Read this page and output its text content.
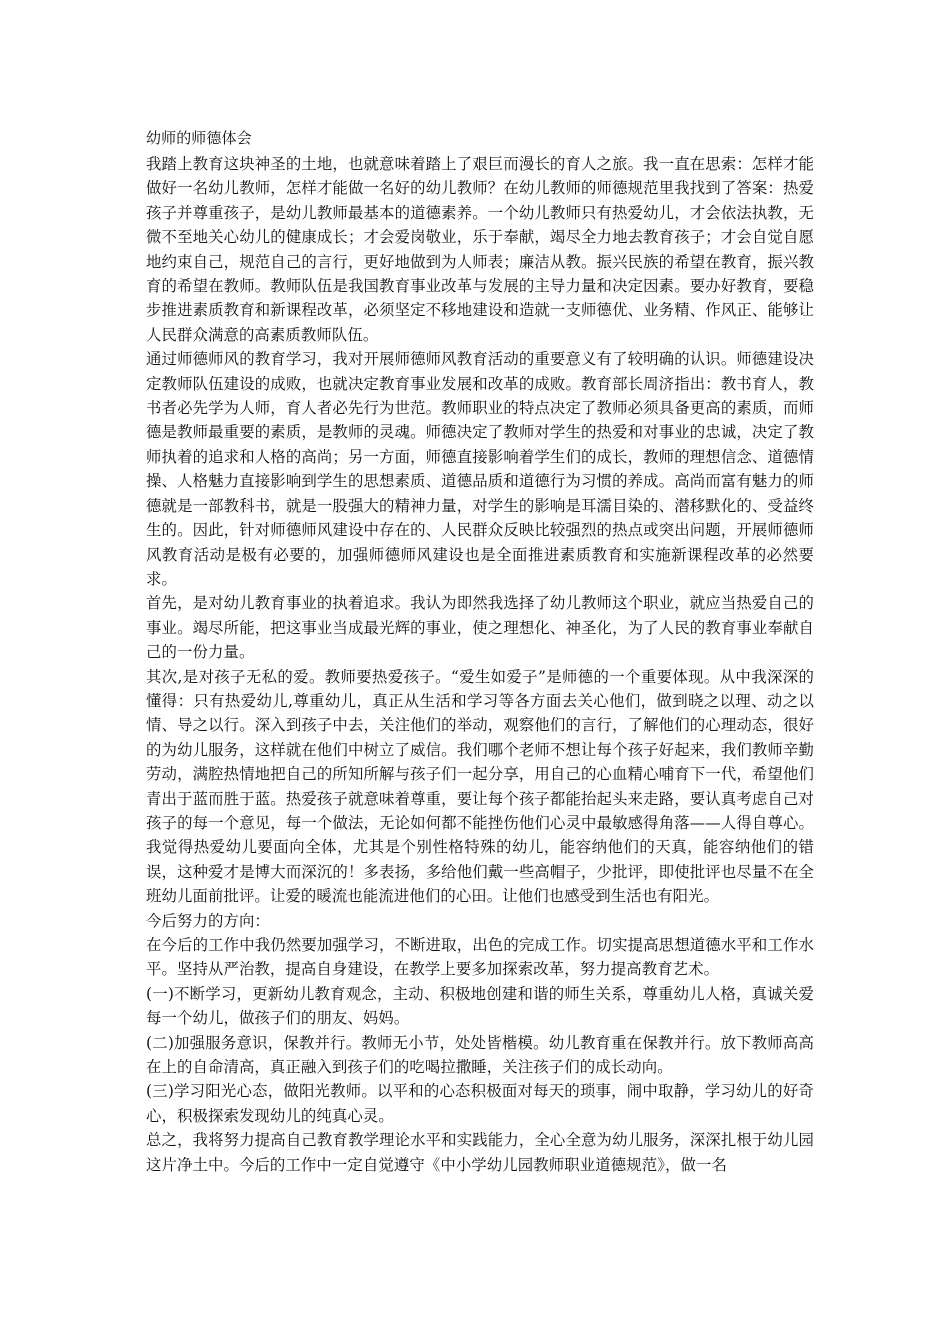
幼师的师德体会

我踏上教育这块神圣的土地，也就意味着踏上了艰巨而漫长的育人之旅。我一直在思索：怎样才能做好一名幼儿教师，怎样才能做一名好的幼儿教师？在幼儿教师的师德规范里我找到了答案：热爱孩子并尊重孩子，是幼儿教师最基本的道德素养。一个幼儿教师只有热爱幼儿，才会依法执教，无微不至地关心幼儿的健康成长；才会爱岗敬业，乐于奉献，竭尽全力地去教育孩子；才会自觉自愿地约束自己，规范自己的言行，更好地做到为人师表；廉洁从教。振兴民族的希望在教育，振兴教育的希望在教师。教师队伍是我国教育事业改革与发展的主导力量和决定因素。要办好教育，要稳步推进素质教育和新课程改革，必须坚定不移地建设和造就一支师德优、业务精、作风正、能够让人民群众满意的高素质教师队伍。

通过师德师风的教育学习，我对开展师德师风教育活动的重要意义有了较明确的认识。师德建设决定教师队伍建设的成败，也就决定教育事业发展和改革的成败。教育部长周济指出：教书育人，教书者必先学为人师，育人者必先行为世范。教师职业的特点决定了教师必须具备更高的素质，而师德是教师最重要的素质，是教师的灵魂。师德决定了教师对学生的热爱和对事业的忠诚，决定了教师执着的追求和人格的高尚；另一方面，师德直接影响着学生们的成长，教师的理想信念、道德情操、人格魅力直接影响到学生的思想素质、道德品质和道德行为习惯的养成。高尚而富有魅力的师德就是一部教科书，就是一股强大的精神力量，对学生的影响是耳濡目染的、潜移默化的、受益终生的。因此，针对师德师风建设中存在的、人民群众反映比较强烈的热点或突出问题，开展师德师风教育活动是极有必要的，加强师德师风建设也是全面推进素质教育和实施新课程改革的必然要求。

首先，是对幼儿教育事业的执着追求。我认为即然我选择了幼儿教师这个职业，就应当热爱自己的事业。竭尽所能，把这事业当成最光辉的事业，使之理想化、神圣化，为了人民的教育事业奉献自己的一份力量。

其次,是对孩子无私的爱。教师要热爱孩子。“爱生如爱子”是师德的一个重要体现。从中我深深的懂得：只有热爱幼儿,尊重幼儿，真正从生活和学习等各方面去关心他们，做到晓之以理、动之以情、导之以行。深入到孩子中去，关注他们的举动，观察他们的言行，了解他们的心理动态，很好的为幼儿服务，这样就在他们中树立了威信。我们哪个老师不想让每个孩子好起来，我们教师辛勤劳动，满腔热情地把自己的所知所解与孩子们一起分享，用自己的心血精心哺育下一代，希望他们青出于蓝而胜于蓝。热爱孩子就意味着尊重，要让每个孩子都能抬起头来走路，要认真考虑自己对孩子的每一个意见，每一个做法，无论如何都不能挫伤他们心灵中最敏感得角落——人得自尊心。我觉得热爱幼儿要面向全体，尤其是个别性格特殊的幼儿，能容纳他们的天真，能容纳他们的错误，这种爱才是博大而深沉的！多表扬，多给他们戴一些高帽子，少批评，即使批评也尽量不在全班幼儿面前批评。让爱的暖流也能流进他们的心田。让他们也感受到生活也有阳光。

今后努力的方向：

在今后的工作中我仍然要加强学习，不断进取，出色的完成工作。切实提高思想道德水平和工作水平。坚持从严治教，提高自身建设，在教学上要多加探索改革，努力提高教育艺术。

(一)不断学习，更新幼儿教育观念，主动、积极地创建和谐的师生关系，尊重幼儿人格，真诚关爱每一个幼儿，做孩子们的朋友、妈妈。

(二)加强服务意识，保教并行。教师无小节，处处皆楷模。幼儿教育重在保教并行。放下教师高高在上的自命清高，真正融入到孩子们的吃喝拉撒睡，关注孩子们的成长动向。

(三)学习阳光心态，做阳光教师。以平和的心态积极面对每天的琐事，闹中取静，学习幼儿的好奇心，积极探索发现幼儿的纯真心灵。

总之，我将努力提高自己教育教学理论水平和实践能力，全心全意为幼儿服务，深深扎根于幼儿园这片净土中。今后的工作中一定自觉遵守《中小学幼儿园教师职业道德规范》，做一名
